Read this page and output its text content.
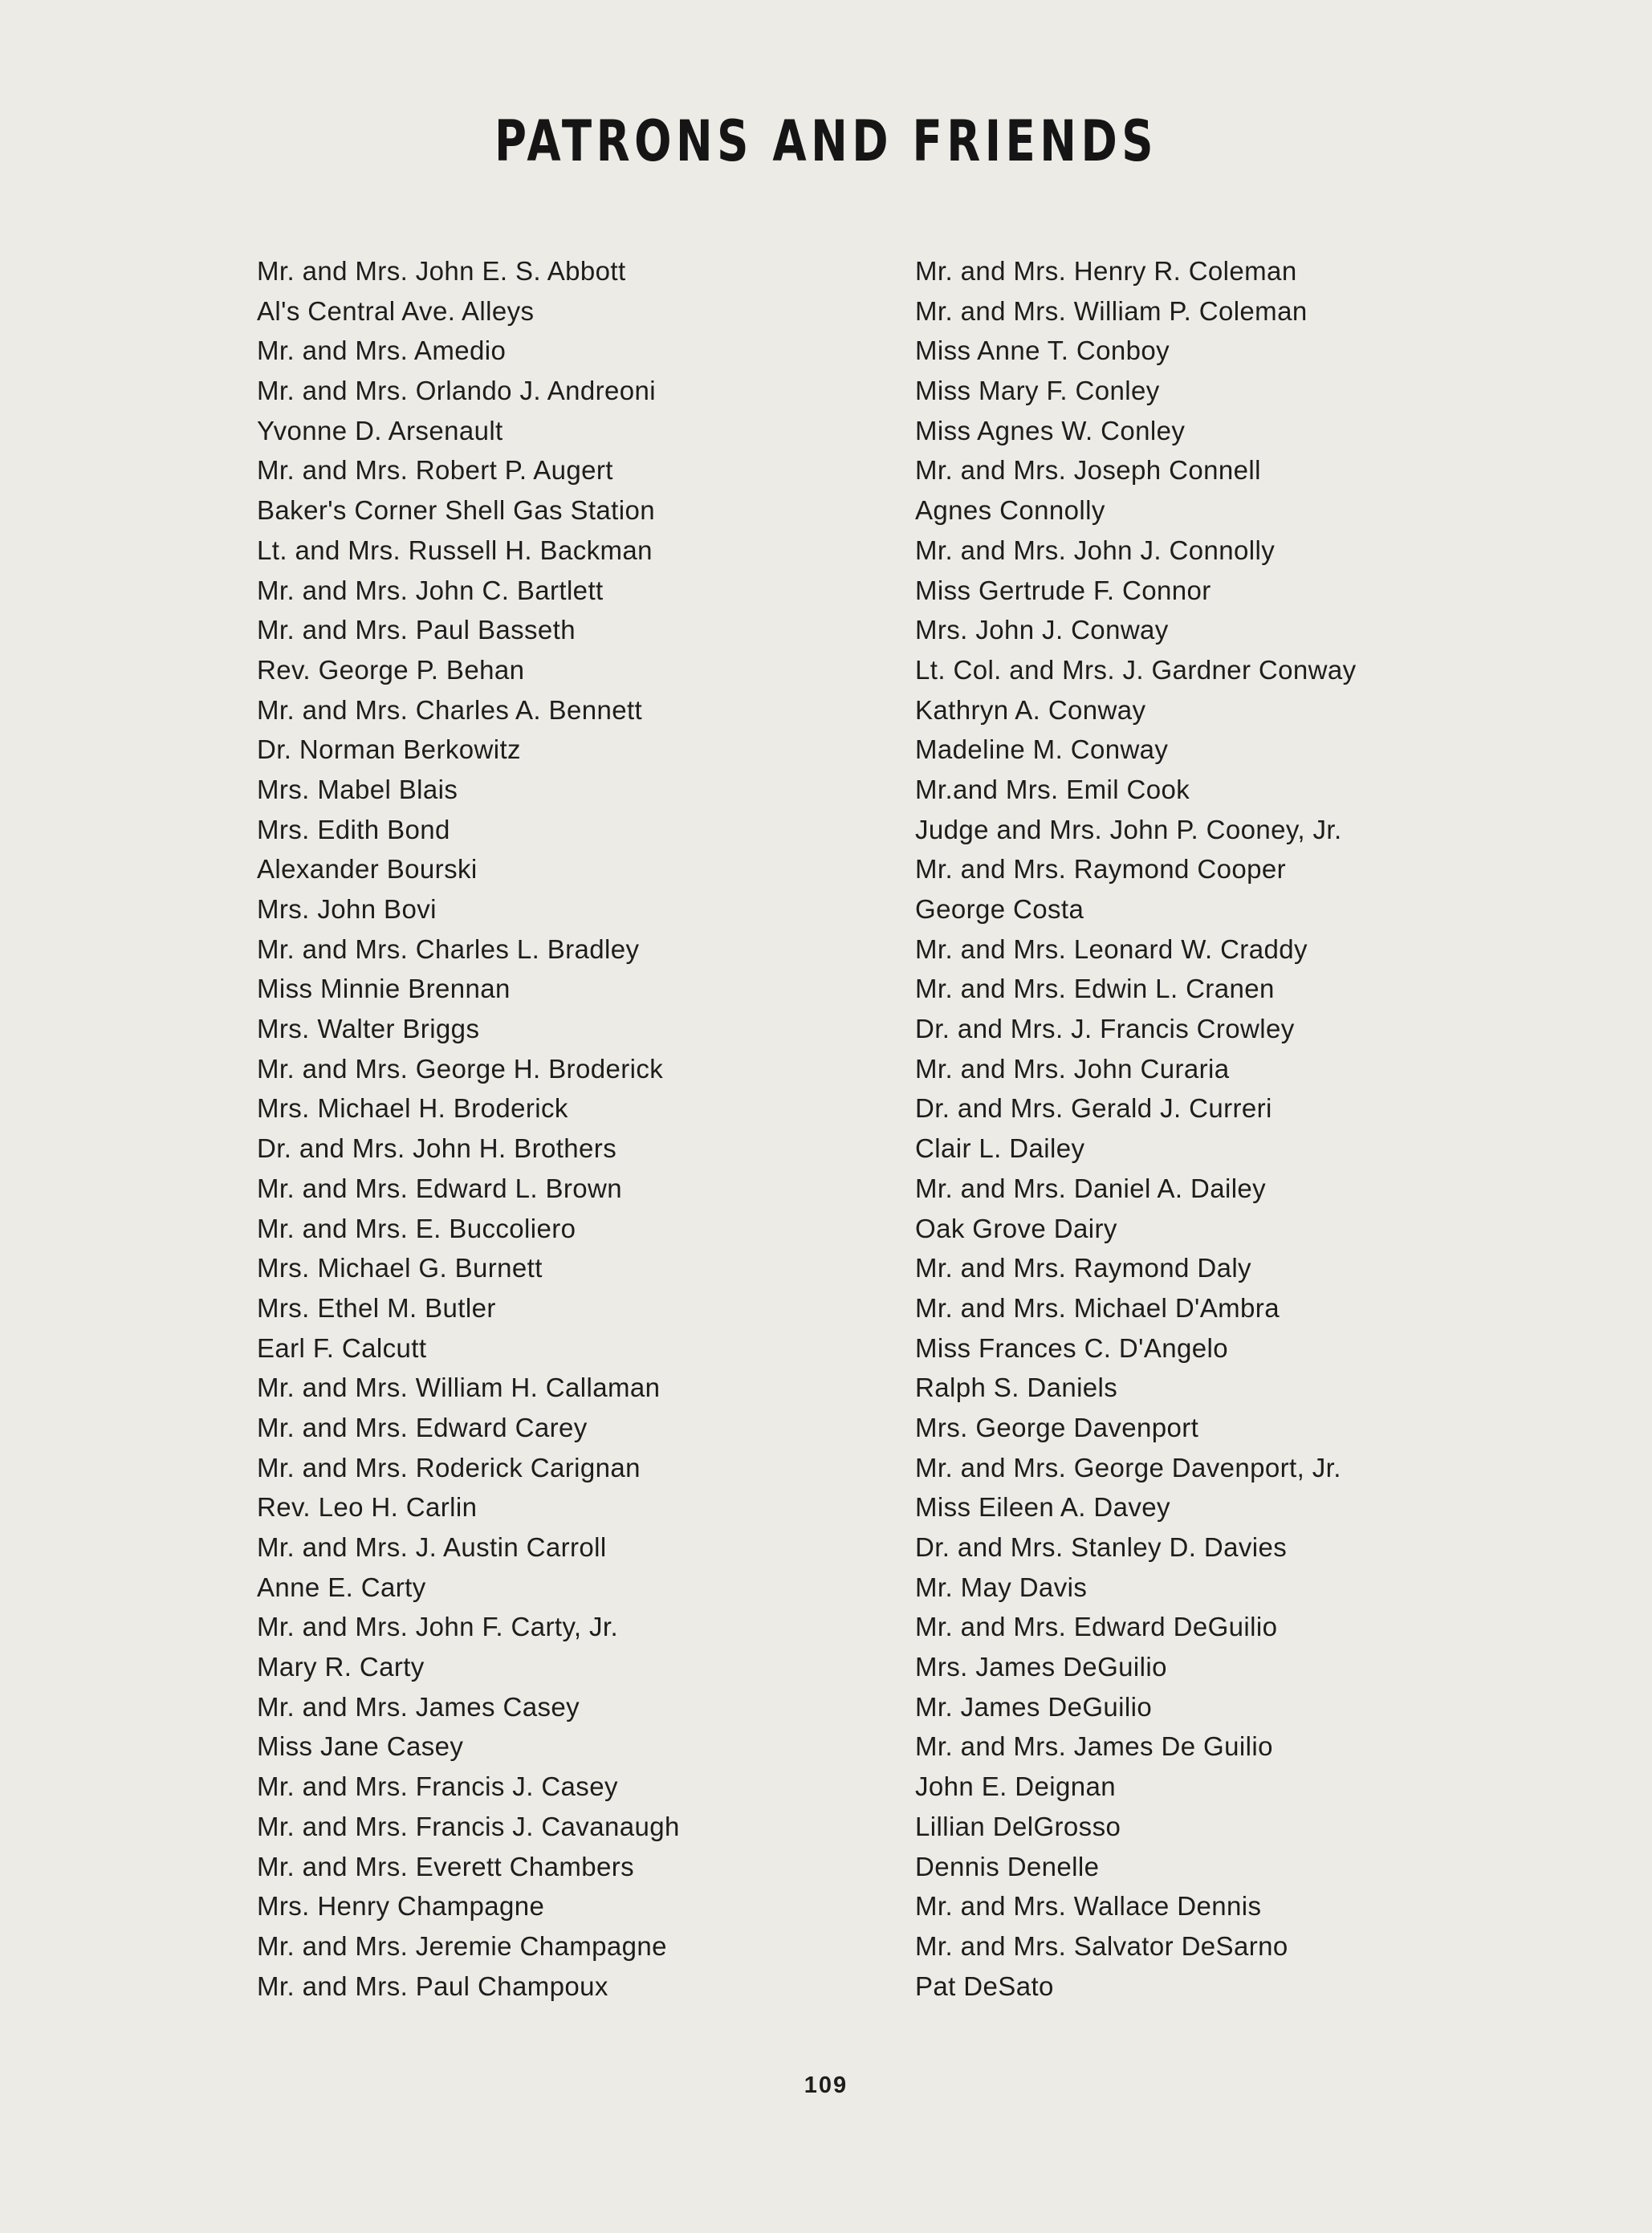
PATRONS AND FRIENDS
Mr. and Mrs. John E. S. Abbott
Al's Central Ave. Alleys
Mr. and Mrs. Amedio
Mr. and Mrs. Orlando J. Andreoni
Yvonne D. Arsenault
Mr. and Mrs. Robert P. Augert
Baker's Corner Shell Gas Station
Lt. and Mrs. Russell H. Backman
Mr. and Mrs. John C. Bartlett
Mr. and Mrs. Paul Basseth
Rev. George P. Behan
Mr. and Mrs. Charles A. Bennett
Dr. Norman Berkowitz
Mrs. Mabel Blais
Mrs. Edith Bond
Alexander Bourski
Mrs. John Bovi
Mr. and Mrs. Charles L. Bradley
Miss Minnie Brennan
Mrs. Walter Briggs
Mr. and Mrs. George H. Broderick
Mrs. Michael H. Broderick
Dr. and Mrs. John H. Brothers
Mr. and Mrs. Edward L. Brown
Mr. and Mrs. E. Buccoliero
Mrs. Michael G. Burnett
Mrs. Ethel M. Butler
Earl F. Calcutt
Mr. and Mrs. William H. Callaman
Mr. and Mrs. Edward Carey
Mr. and Mrs. Roderick Carignan
Rev. Leo H. Carlin
Mr. and Mrs. J. Austin Carroll
Anne E. Carty
Mr. and Mrs. John F. Carty, Jr.
Mary R. Carty
Mr. and Mrs. James Casey
Miss Jane Casey
Mr. and Mrs. Francis J. Casey
Mr. and Mrs. Francis J. Cavanaugh
Mr. and Mrs. Everett Chambers
Mrs. Henry Champagne
Mr. and Mrs. Jeremie Champagne
Mr. and Mrs. Paul Champoux
Mr. and Mrs. Henry R. Coleman
Mr. and Mrs. William P. Coleman
Miss Anne T. Conboy
Miss Mary F. Conley
Miss Agnes W. Conley
Mr. and Mrs. Joseph Connell
Agnes Connolly
Mr. and Mrs. John J. Connolly
Miss Gertrude F. Connor
Mrs. John J. Conway
Lt. Col. and Mrs. J. Gardner Conway
Kathryn A. Conway
Madeline M. Conway
Mr.and Mrs. Emil Cook
Judge and Mrs. John P. Cooney, Jr.
Mr. and Mrs. Raymond Cooper
George Costa
Mr. and Mrs. Leonard W. Craddy
Mr. and Mrs. Edwin L. Cranen
Dr. and Mrs. J. Francis Crowley
Mr. and Mrs. John Curaria
Dr. and Mrs. Gerald J. Curreri
Clair L. Dailey
Mr. and Mrs. Daniel A. Dailey
Oak Grove Dairy
Mr. and Mrs. Raymond Daly
Mr. and Mrs. Michael D'Ambra
Miss Frances C. D'Angelo
Ralph S. Daniels
Mrs. George Davenport
Mr. and Mrs. George Davenport, Jr.
Miss Eileen A. Davey
Dr. and Mrs. Stanley D. Davies
Mr. May Davis
Mr. and Mrs. Edward DeGuilio
Mrs. James DeGuilio
Mr. James DeGuilio
Mr. and Mrs. James De Guilio
John E. Deignan
Lillian DelGrosso
Dennis Denelle
Mr. and Mrs. Wallace Dennis
Mr. and Mrs. Salvator DeSarno
Pat DeSato
109
